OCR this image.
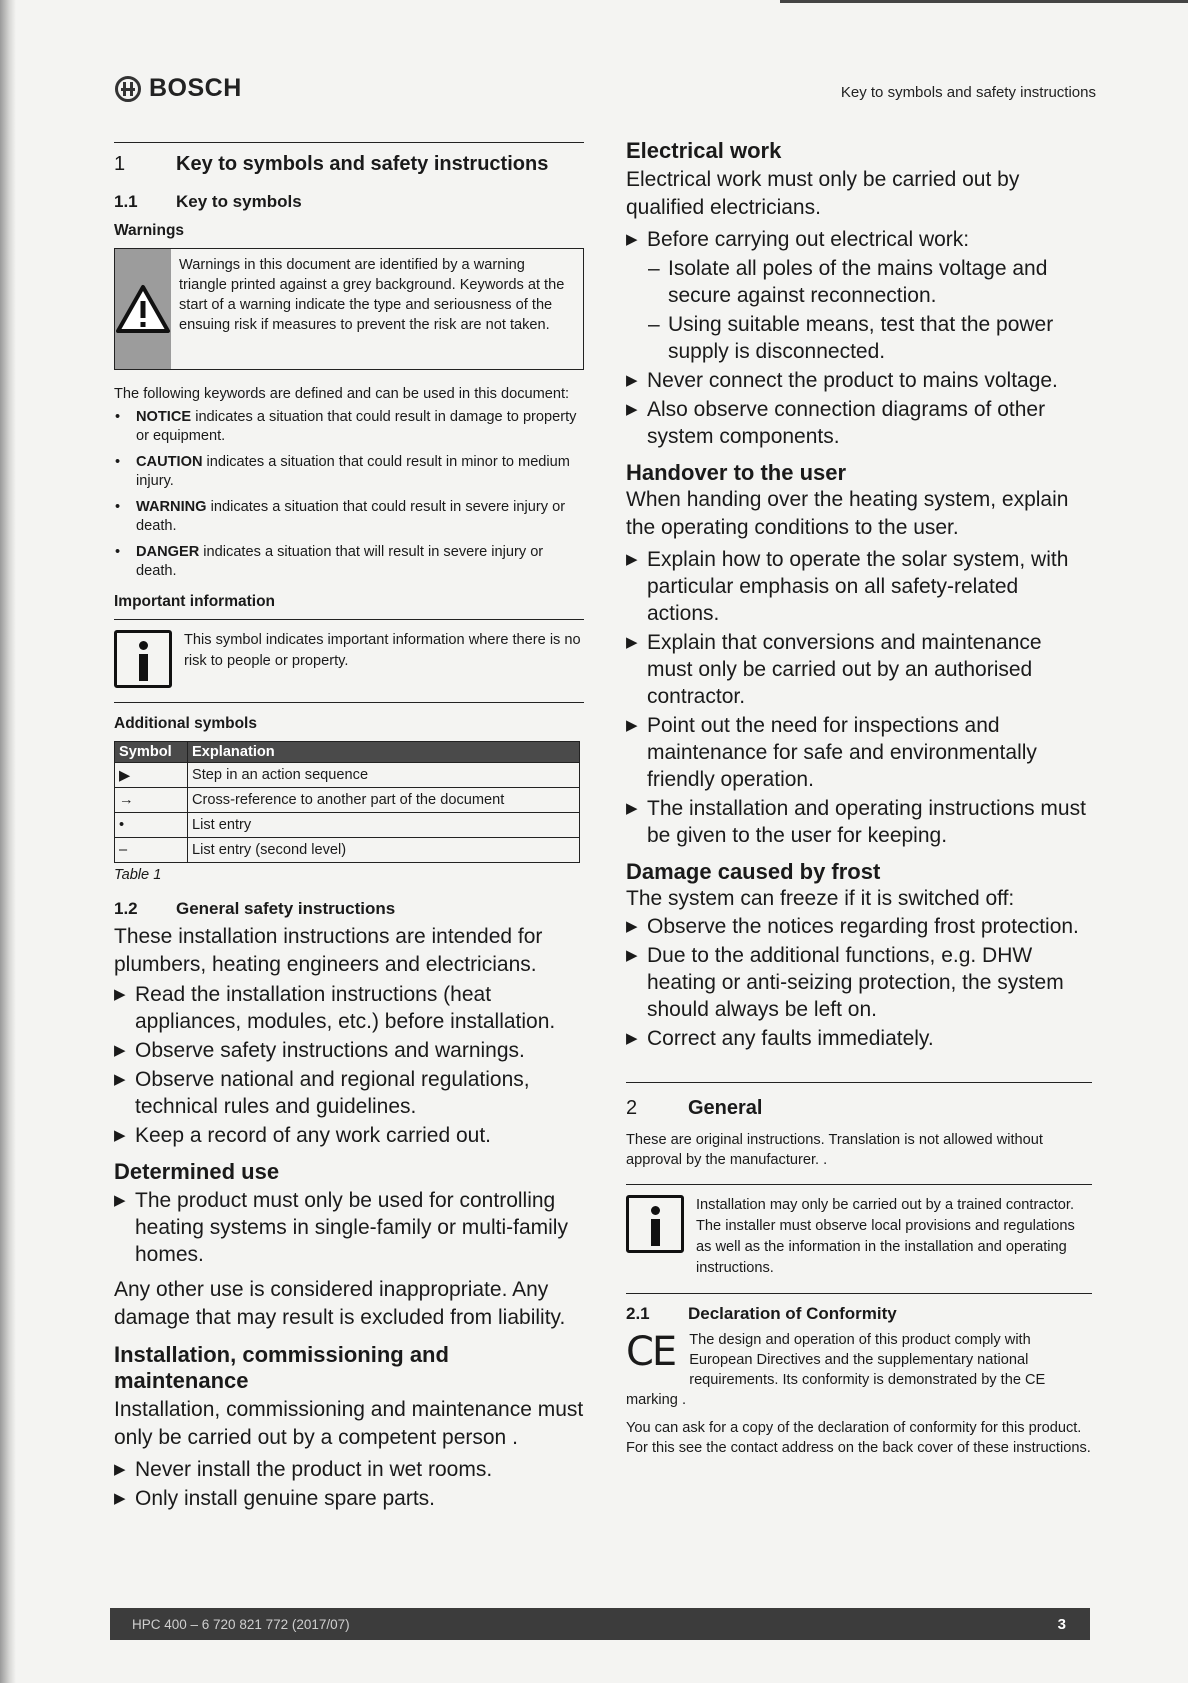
BOSCH	Key to symbols and safety instructions
1	Key to symbols and safety instructions
1.1	Key to symbols
Warnings
Warnings in this document are identified by a warning triangle printed against a grey background. Keywords at the start of a warning indicate the type and seriousness of the ensuing risk if measures to prevent the risk are not taken.
The following keywords are defined and can be used in this document:
• NOTICE indicates a situation that could result in damage to property or equipment.
• CAUTION indicates a situation that could result in minor to medium injury.
• WARNING indicates a situation that could result in severe injury or death.
• DANGER indicates a situation that will result in severe injury or death.
Important information
This symbol indicates important information where there is no risk to people or property.
Additional symbols
Symbol	Explanation
▶	Step in an action sequence
→	Cross-reference to another part of the document
•	List entry
–	List entry (second level)
Table 1
1.2	General safety instructions
These installation instructions are intended for plumbers, heating engineers and electricians.
▶ Read the installation instructions (heat appliances, modules, etc.) before installation.
▶ Observe safety instructions and warnings.
▶ Observe national and regional regulations, technical rules and guidelines.
▶ Keep a record of any work carried out.
Determined use
▶ The product must only be used for controlling heating systems in single-family or multi-family homes.
Any other use is considered inappropriate. Any damage that may result is excluded from liability.
Installation, commissioning and maintenance
Installation, commissioning and maintenance must only be carried out by a competent person .
▶ Never install the product in wet rooms.
▶ Only install genuine spare parts.
Electrical work
Electrical work must only be carried out by qualified electricians.
▶ Before carrying out electrical work:
– Isolate all poles of the mains voltage and secure against reconnection.
– Using suitable means, test that the power supply is disconnected.
▶ Never connect the product to mains voltage.
▶ Also observe connection diagrams of other system components.
Handover to the user
When handing over the heating system, explain the operating conditions to the user.
▶ Explain how to operate the solar system, with particular emphasis on all safety-related actions.
▶ Explain that conversions and maintenance must only be carried out by an authorised contractor.
▶ Point out the need for inspections and maintenance for safe and environmentally friendly operation.
▶ The installation and operating instructions must be given to the user for keeping.
Damage caused by frost
The system can freeze if it is switched off:
▶ Observe the notices regarding frost protection.
▶ Due to the additional functions, e.g. DHW heating or anti-seizing protection, the system should always be left on.
▶ Correct any faults immediately.
2	General
These are original instructions. Translation is not allowed without approval by the manufacturer. .
Installation may only be carried out by a trained contractor. The installer must observe local provisions and regulations as well as the information in the installation and operating instructions.
2.1	Declaration of Conformity
CE The design and operation of this product comply with European Directives and the supplementary national requirements. Its conformity is demonstrated by the CE marking .
You can ask for a copy of the declaration of conformity for this product. For this see the contact address on the back cover of these instructions.
HPC 400 – 6 720 821 772 (2017/07)	3
